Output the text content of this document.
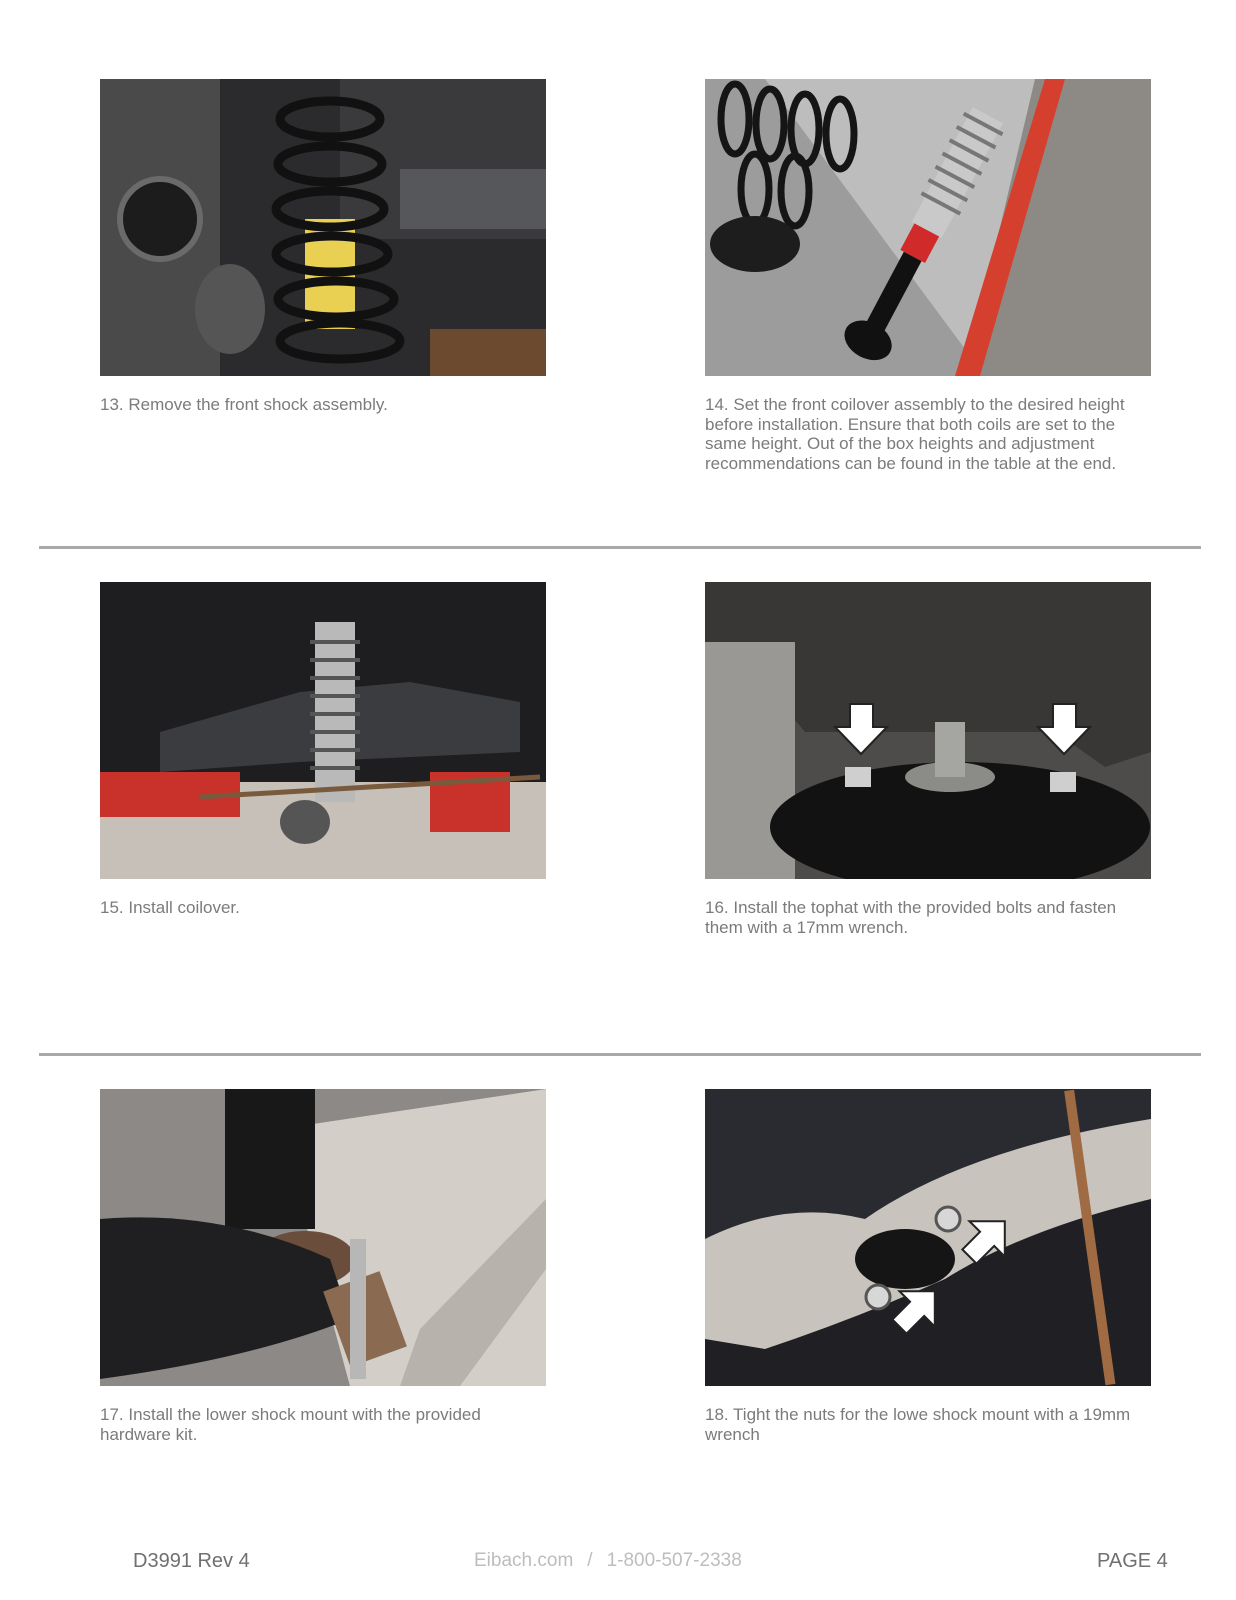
13. Remove the front shock assembly.	14. Set the front coilover assembly to the desired height before installation. Ensure that both coils are set to the same height. Out of the box heights and adjustment recommendations can be found in the table at the end.
15. Install coilover.	16. Install the tophat with the provided bolts and fasten them with a 17mm wrench.
17. Install the lower shock mount with the provided hardware kit.
18. Tight the nuts for the lowe shock mount with a 19mm wrench
D3991 Rev 4	Eibach.com / 1-800-507-2338	PAGE 4
